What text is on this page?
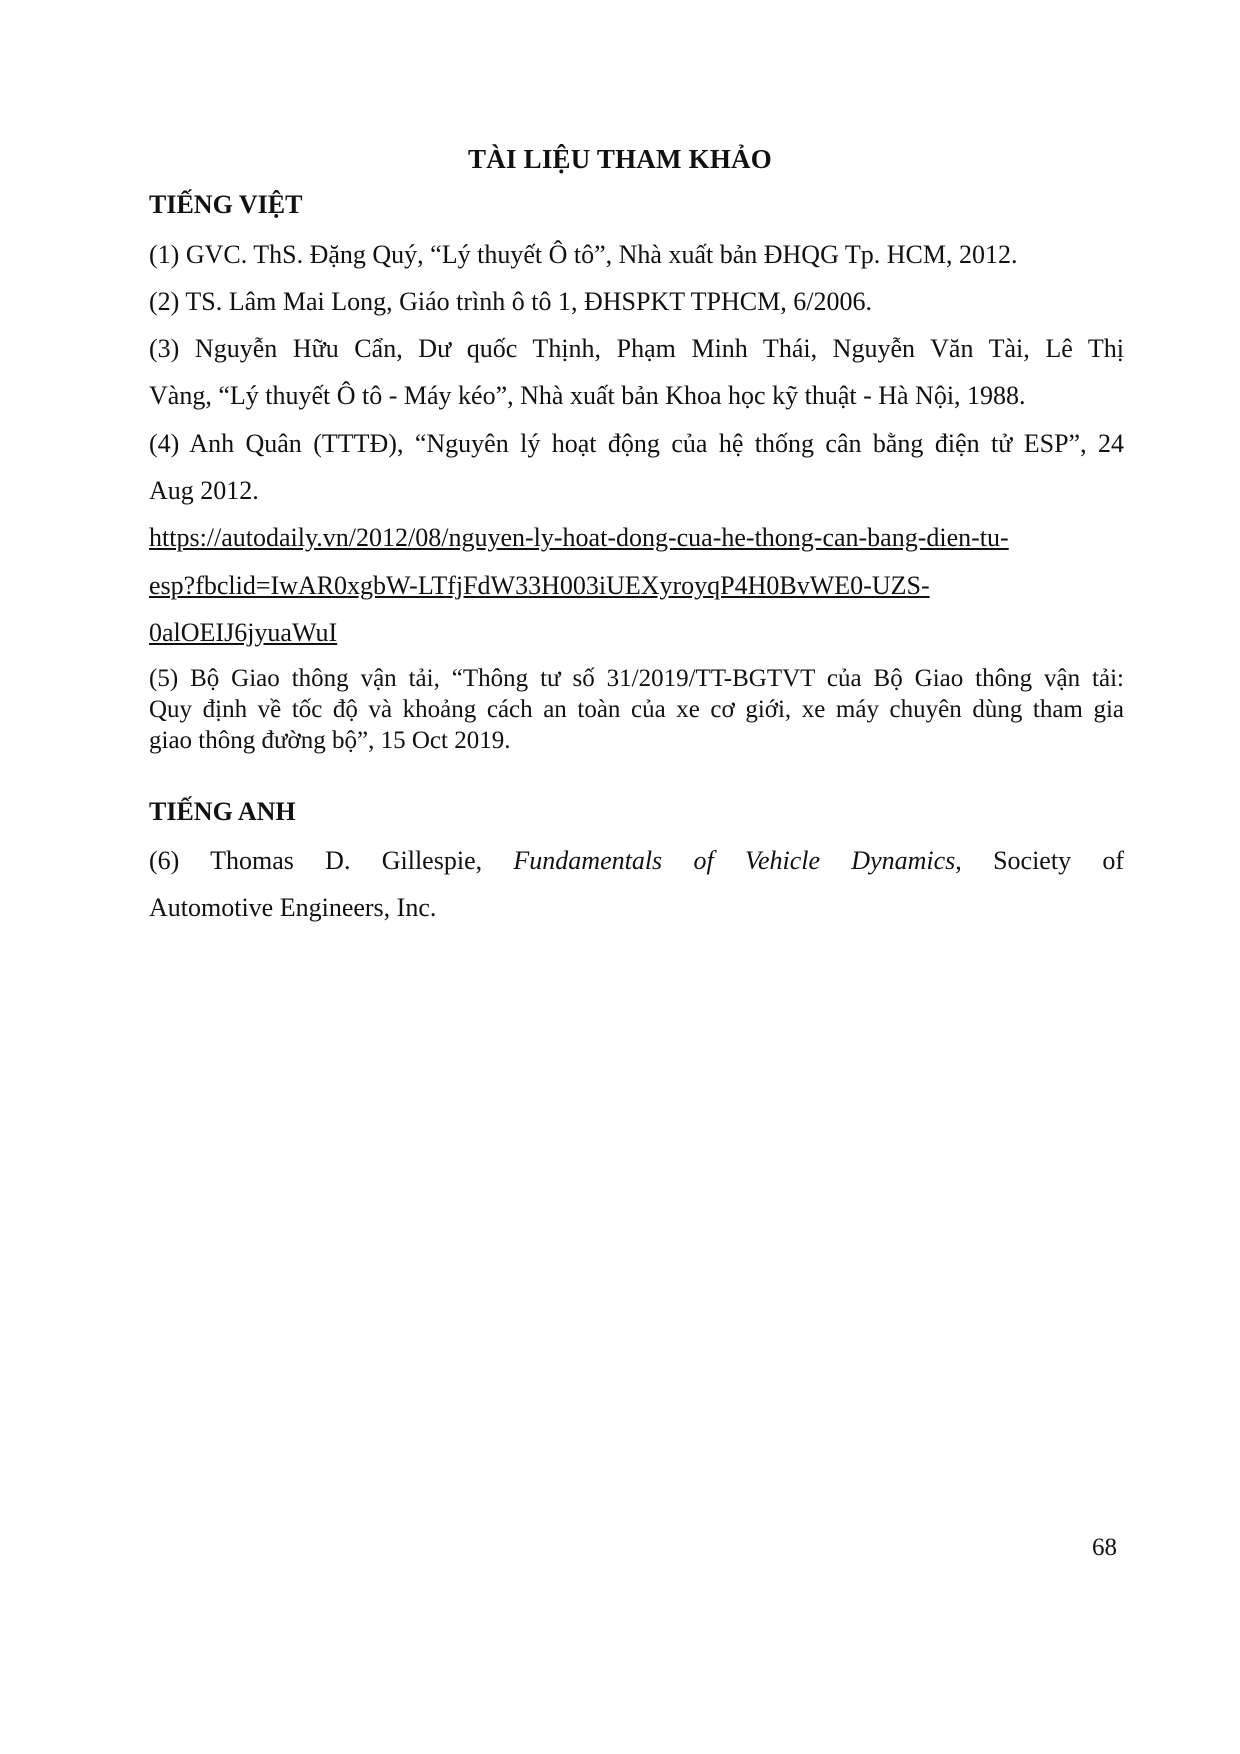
TÀI LIỆU THAM KHẢO
TIẾNG VIỆT
(1) GVC. ThS. Đặng Quý, “Lý thuyết Ô tô”, Nhà xuất bản ĐHQG Tp. HCM, 2012.
(2) TS. Lâm Mai Long, Giáo trình ô tô 1, ĐHSPKT TPHCM, 6/2006.
(3) Nguyễn Hữu Cẩn, Dư quốc Thịnh, Phạm Minh Thái, Nguyễn Văn Tài, Lê Thị
Vàng, “Lý thuyết Ô tô - Máy kéo”, Nhà xuất bản Khoa học kỹ thuật - Hà Nội, 1988.
(4) Anh Quân (TTTĐ), “Nguyên lý hoạt động của hệ thống cân bằng điện tử ESP”, 24
Aug 2012.
https://autodaily.vn/2012/08/nguyen-ly-hoat-dong-cua-he-thong-can-bang-dien-tu-
esp?fbclid=IwAR0xgbW-LTfjFdW33H003iUEXyroyqP4H0BvWE0-UZS-
0alOEIJ6jyuaWuI
(5) Bộ Giao thông vận tải, “Thông tư số 31/2019/TT-BGTVT của Bộ Giao thông vận tải:
Quy định về tốc độ và khoảng cách an toàn của xe cơ giới, xe máy chuyên dùng tham gia
giao thông đường bộ”, 15 Oct 2019.
TIẾNG ANH
(6) Thomas D. Gillespie, Fundamentals of Vehicle Dynamics, Society of
Automotive Engineers, Inc.
68
